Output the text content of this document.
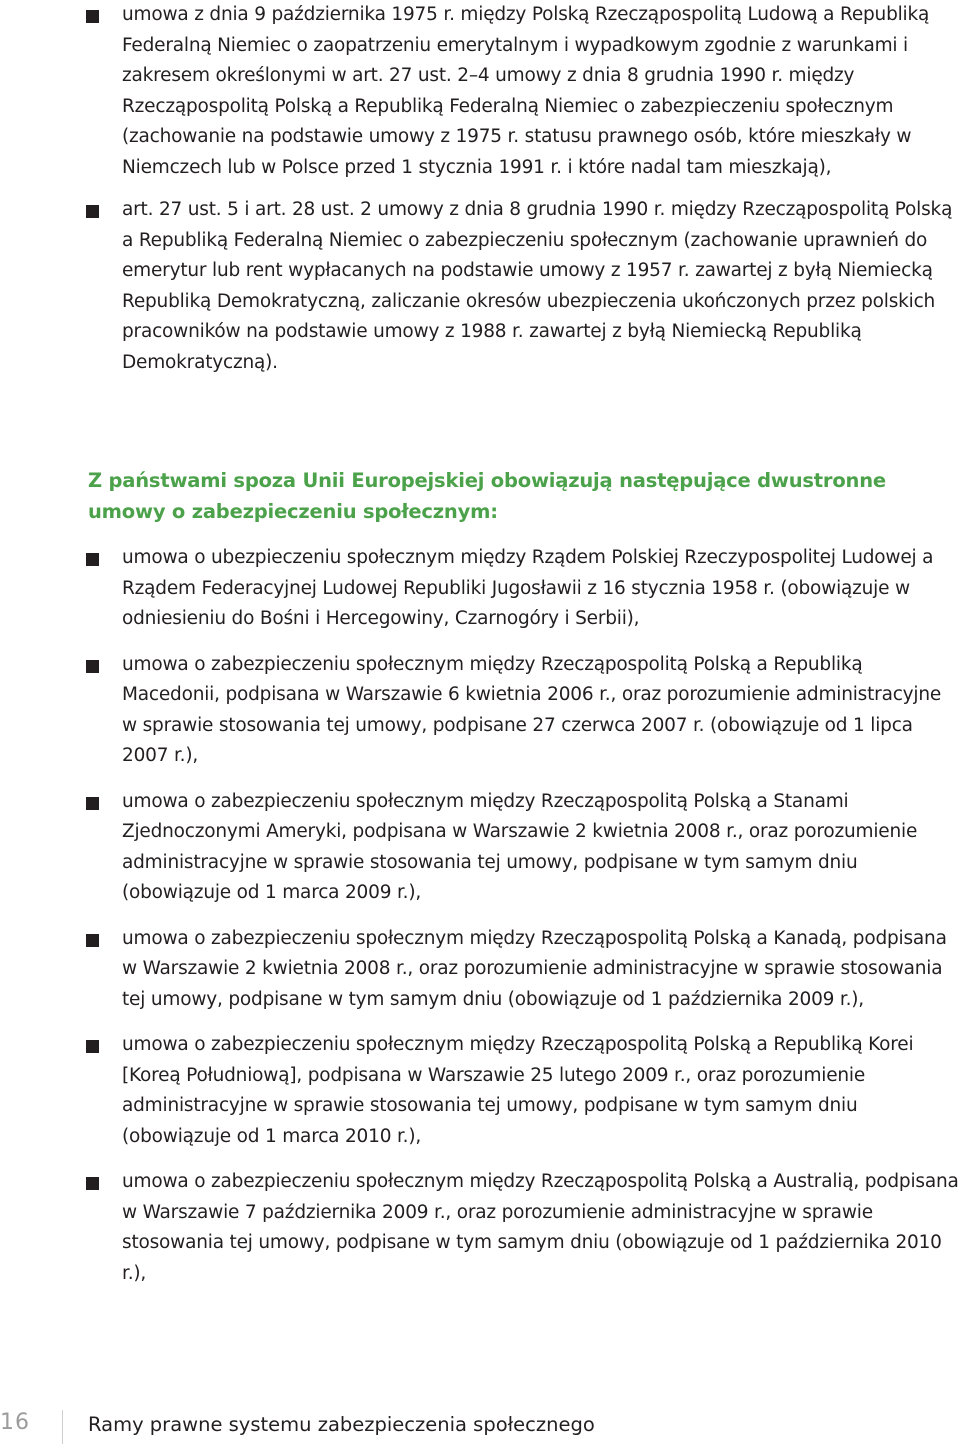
umowa z dnia 9 października 1975 r. między Polską Rzecząpospolitą Ludową a Republiką Federalną Niemiec o zaopatrzeniu emerytalnym i wypadkowym zgodnie z warunkami i zakresem określonymi w art. 27 ust. 2–4 umowy z dnia 8 grudnia 1990 r. między Rzecząpospolitą Polską a Republiką Federalną Niemiec o zabezpieczeniu społecznym (zachowanie na podstawie umowy z 1975 r. statusu prawnego osób, które mieszkały w Niemczech lub w Polsce przed 1 stycznia 1991 r. i które nadal tam mieszkają),
art. 27 ust. 5 i art. 28 ust. 2 umowy z dnia 8 grudnia 1990 r. między Rzecząpospolitą Polską a Republiką Federalną Niemiec o zabezpieczeniu społecznym (zachowanie uprawnień do emerytur lub rent wypłacanych na podstawie umowy z 1957 r. zawartej z byłą Niemiecką Republiką Demokratyczną, zaliczanie okresów ubezpieczenia ukończonych przez polskich pracowników na podstawie umowy z 1988 r. zawartej z byłą Niemiecką Republiką Demokratyczną).
Z państwami spoza Unii Europejskiej obowiązują następujące dwustronne umowy o zabezpieczeniu społecznym:
umowa o ubezpieczeniu społecznym między Rządem Polskiej Rzeczypospolitej Ludowej a Rządem Federacyjnej Ludowej Republiki Jugosławii z 16 stycznia 1958 r. (obowiązuje w odniesieniu do Bośni i Hercegowiny, Czarnogóry i Serbii),
umowa o zabezpieczeniu społecznym między Rzecząpospolitą Polską a Republiką Macedonii, podpisana w Warszawie 6 kwietnia 2006 r., oraz porozumienie administracyjne w sprawie stosowania tej umowy, podpisane 27 czerwca 2007 r. (obowiązuje od 1 lipca 2007 r.),
umowa o zabezpieczeniu społecznym między Rzecząpospolitą Polską a Stanami Zjednoczonymi Ameryki, podpisana w Warszawie 2 kwietnia 2008 r., oraz porozumienie administracyjne w sprawie stosowania tej umowy, podpisane w tym samym dniu (obowiązuje od 1 marca 2009 r.),
umowa o zabezpieczeniu społecznym między Rzecząpospolitą Polską a Kanadą, podpisana w Warszawie 2 kwietnia 2008 r., oraz porozumienie administracyjne w sprawie stosowania tej umowy, podpisane w tym samym dniu (obowiązuje od 1 października 2009 r.),
umowa o zabezpieczeniu społecznym między Rzecząpospolitą Polską a Republiką Korei [Koreą Południową], podpisana w Warszawie 25 lutego 2009 r., oraz porozumienie administracyjne w sprawie stosowania tej umowy, podpisane w tym samym dniu (obowiązuje od 1 marca 2010 r.),
umowa o zabezpieczeniu społecznym między Rzecząpospolitą Polską a Australią, podpisana w Warszawie 7 października 2009 r., oraz porozumienie administracyjne w sprawie stosowania tej umowy, podpisane w tym samym dniu (obowiązuje od 1 października 2010 r.),
16	Ramy prawne systemu zabezpieczenia społecznego
